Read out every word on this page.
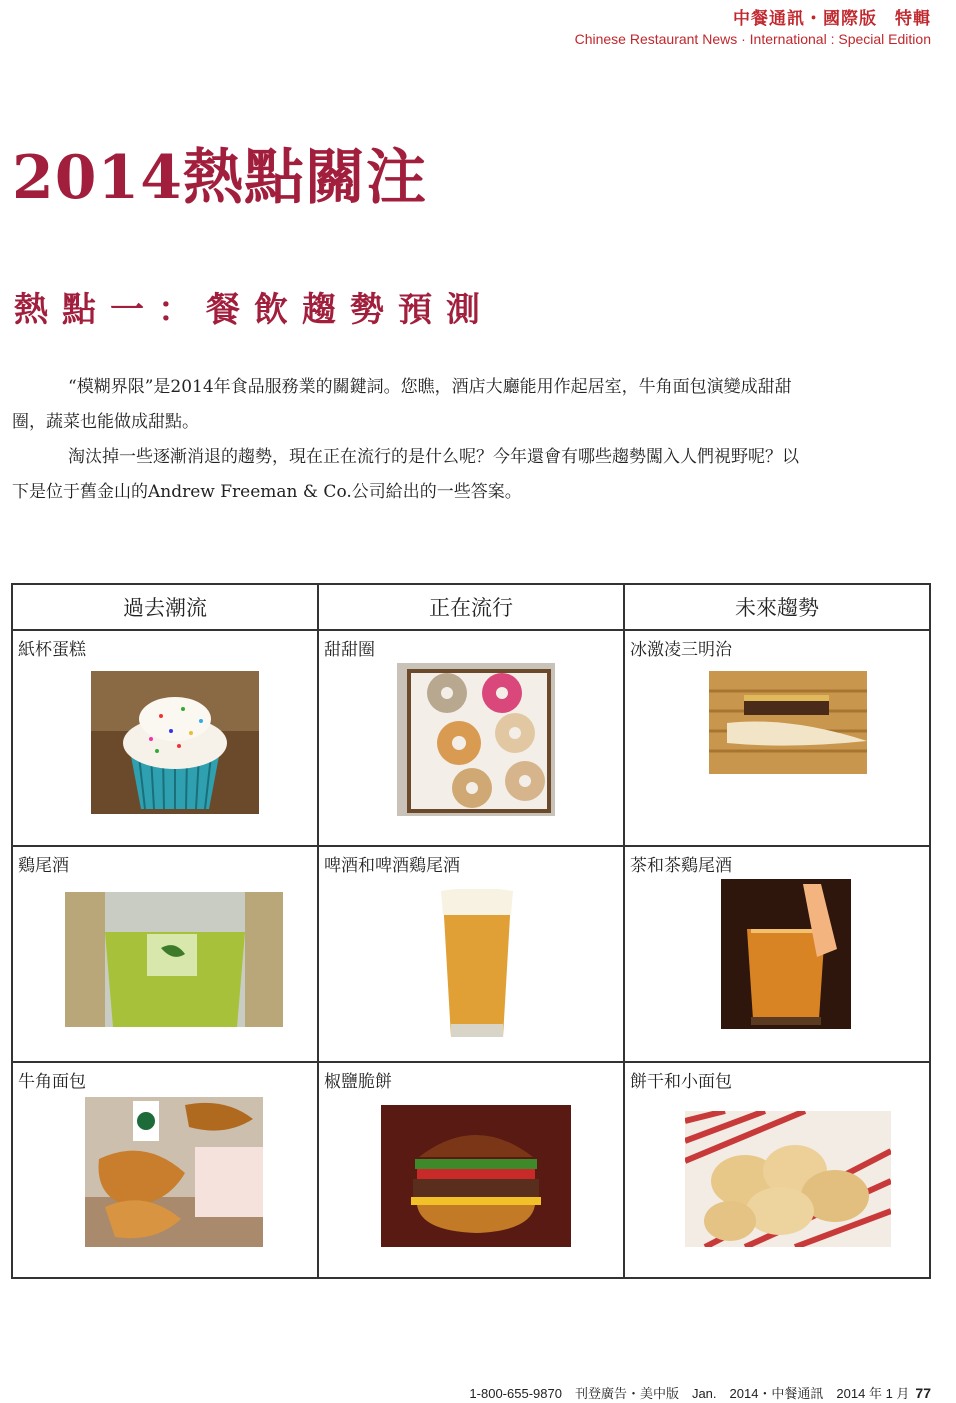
中餐通訊・國際版　特輯
Chinese Restaurant News · International : Special Edition
2014熱點關注
熱點一：餐飲趨勢預測

“模糊界限”是2014年食品服務業的關鍵詞。您瞧，酒店大廳能用作起居室，牛角面包演變成甜甜圈，蔬菜也能做成甜點。

淘汰掉一些逐漸消退的趨勢，現在正在流行的是什么呢？今年還會有哪些趨勢闖入人們視野呢？以下是位于舊金山的Andrew Freeman & Co.公司給出的一些答案。

過去潮流	正在流行	未來趨勢

紙杯蛋糕	甜甜圈	冰激凌三明治

鷄尾酒	啤酒和啤酒鷄尾酒	茶和茶鷄尾酒

牛角面包	椒鹽脆餅	餅干和小面包
1-800-655-9870　刊登廣告・美中版　Jan.　2014・中餐通訊　2014 年 1 月 77
